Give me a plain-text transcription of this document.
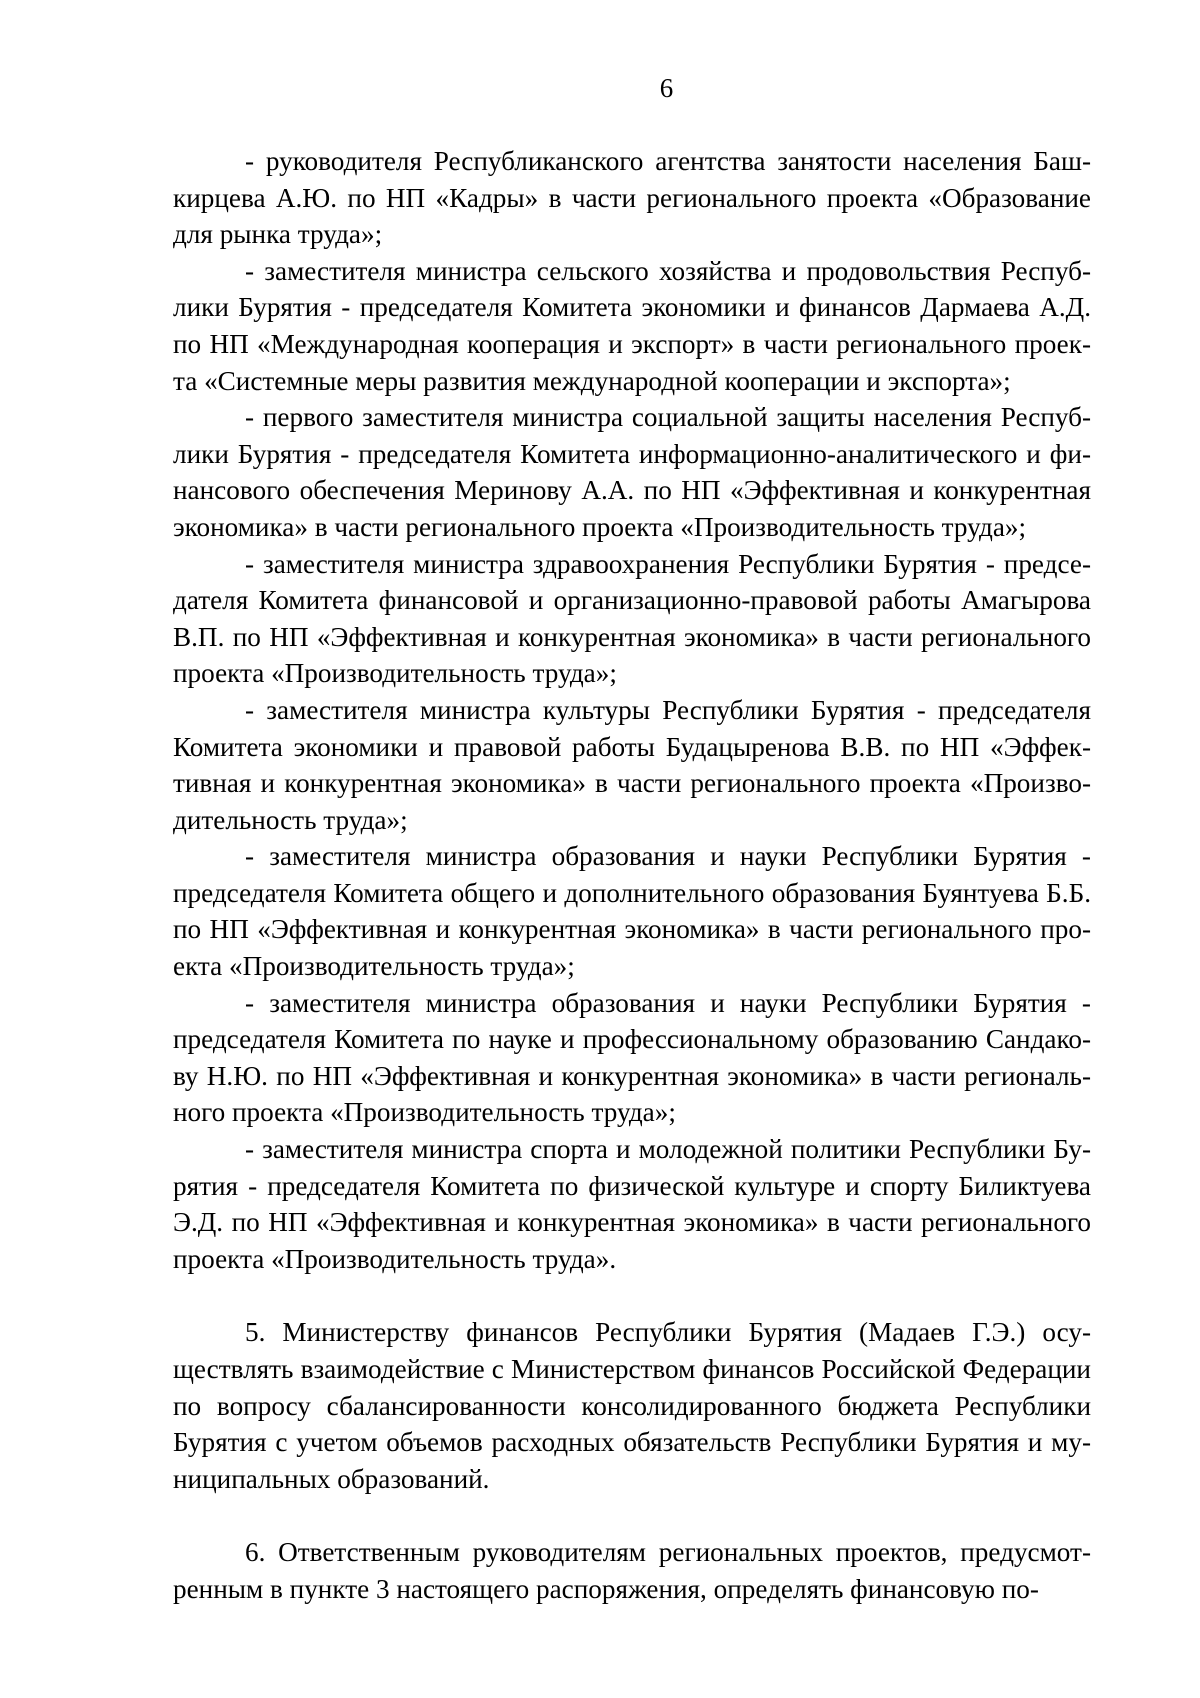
6

- руководителя Республиканского агентства занятости населения Башкирцева А.Ю. по НП «Кадры» в части регионального проекта «Образование для рынка труда»;

- заместителя министра сельского хозяйства и продовольствия Республики Бурятия - председателя Комитета экономики и финансов Дармаева А.Д. по НП «Международная кооперация и экспорт» в части регионального проекта «Системные меры развития международной кооперации и экспорта»;

- первого заместителя министра социальной защиты населения Республики Бурятия - председателя Комитета информационно-аналитического и финансового обеспечения Меринову А.А. по НП «Эффективная и конкурентная экономика» в части регионального проекта «Производительность труда»;

- заместителя министра здравоохранения Республики Бурятия - председателя Комитета финансовой и организационно-правовой работы Амагырова В.П. по НП «Эффективная и конкурентная экономика» в части регионального проекта «Производительность труда»;

- заместителя министра культуры Республики Бурятия - председателя Комитета экономики и правовой работы Будацыренова В.В. по НП «Эффективная и конкурентная экономика» в части регионального проекта «Производительность труда»;

- заместителя министра образования и науки Республики Бурятия - председателя Комитета общего и дополнительного образования Буянтуева Б.Б. по НП «Эффективная и конкурентная экономика» в части регионального проекта «Производительность труда»;

- заместителя министра образования и науки Республики Бурятия - председателя Комитета по науке и профессиональному образованию Сандакову Н.Ю. по НП «Эффективная и конкурентная экономика» в части регионального проекта «Производительность труда»;

- заместителя министра спорта и молодежной политики Республики Бурятия - председателя Комитета по физической культуре и спорту Биликтуева Э.Д. по НП «Эффективная и конкурентная экономика» в части регионального проекта «Производительность труда».

5. Министерству финансов Республики Бурятия (Мадаев Г.Э.) осуществлять взаимодействие с Министерством финансов Российской Федерации по вопросу сбалансированности консолидированного бюджета Республики Бурятия с учетом объемов расходных обязательств Республики Бурятия и муниципальных образований.

6. Ответственным руководителям региональных проектов, предусмотренным в пункте 3 настоящего распоряжения, определять финансовую по-
